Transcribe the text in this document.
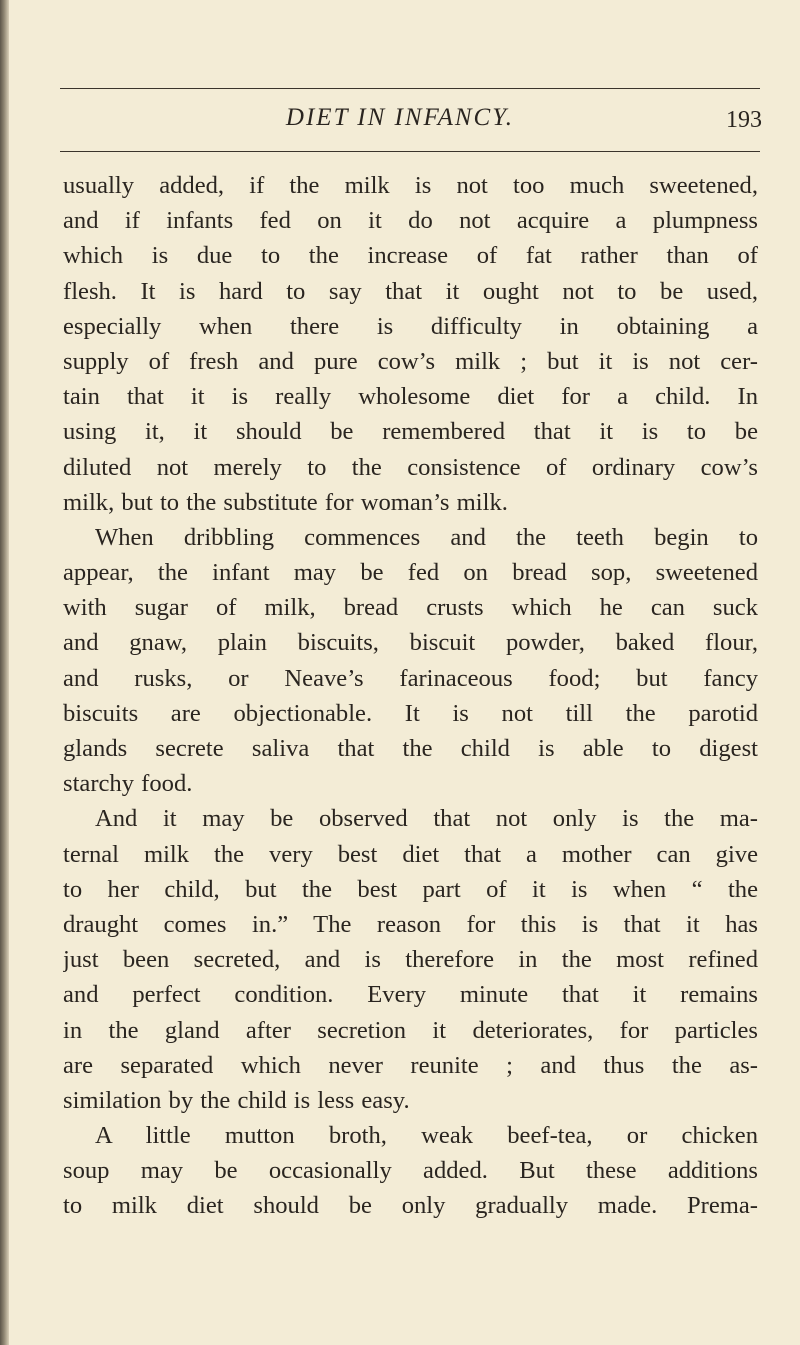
DIET IN INFANCY.	193
usually added, if the milk is not too much sweetened,
and if infants fed on it do not acquire a plumpness
which is due to the increase of fat rather than of
flesh. It is hard to say that it ought not to be used,
especially when there is difficulty in obtaining a
supply of fresh and pure cow’s milk ; but it is not cer-
tain that it is really wholesome diet for a child. In
using it, it should be remembered that it is to be
diluted not merely to the consistence of ordinary cow’s
milk, but to the substitute for woman’s milk.
When dribbling commences and the teeth begin to
appear, the infant may be fed on bread sop, sweetened
with sugar of milk, bread crusts which he can suck
and gnaw, plain biscuits, biscuit powder, baked flour,
and rusks, or Neave’s farinaceous food; but fancy
biscuits are objectionable. It is not till the parotid
glands secrete saliva that the child is able to digest
starchy food.
And it may be observed that not only is the ma-
ternal milk the very best diet that a mother can give
to her child, but the best part of it is when “ the
draught comes in.” The reason for this is that it has
just been secreted, and is therefore in the most refined
and perfect condition. Every minute that it remains
in the gland after secretion it deteriorates, for particles
are separated which never reunite ; and thus the as-
similation by the child is less easy.
A little mutton broth, weak beef-tea, or chicken
soup may be occasionally added. But these additions
to milk diet should be only gradually made. Prema-
